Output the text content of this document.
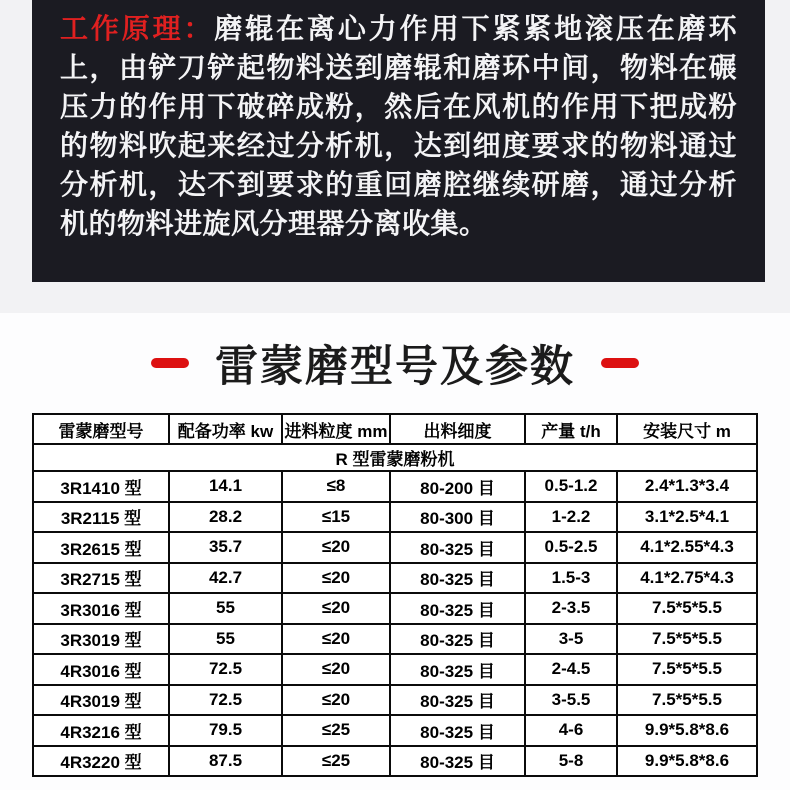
工作原理：磨辊在离心力作用下紧紧地滚压在磨环上，由铲刀铲起物料送到磨辊和磨环中间，物料在碾压力的作用下破碎成粉，然后在风机的作用下把成粉的物料吹起来经过分析机，达到细度要求的物料通过分析机，达不到要求的重回磨腔继续研磨，通过分析机的物料进旋风分理器分离收集。

雷蒙磨型号及参数
雷蒙磨型号	配备功率 kw	进料粒度 mm	出料细度	产量 t/h	安装尺寸 m
R 型雷蒙磨粉机					
3R1410 型	14.1	≤8	80-200 目	0.5-1.2	2.4*1.3*3.4
3R2115 型	28.2	≤15	80-300 目	1-2.2	3.1*2.5*4.1
3R2615 型	35.7	≤20	80-325 目	0.5-2.5	4.1*2.55*4.3
3R2715 型	42.7	≤20	80-325 目	1.5-3	4.1*2.75*4.3
3R3016 型	55	≤20	80-325 目	2-3.5	7.5*5*5.5
3R3019 型	55	≤20	80-325 目	3-5	7.5*5*5.5
4R3016 型	72.5	≤20	80-325 目	2-4.5	7.5*5*5.5
4R3019 型	72.5	≤20	80-325 目	3-5.5	7.5*5*5.5
4R3216 型	79.5	≤25	80-325 目	4-6	9.9*5.8*8.6
4R3220 型	87.5	≤25	80-325 目	5-8	9.9*5.8*8.6
